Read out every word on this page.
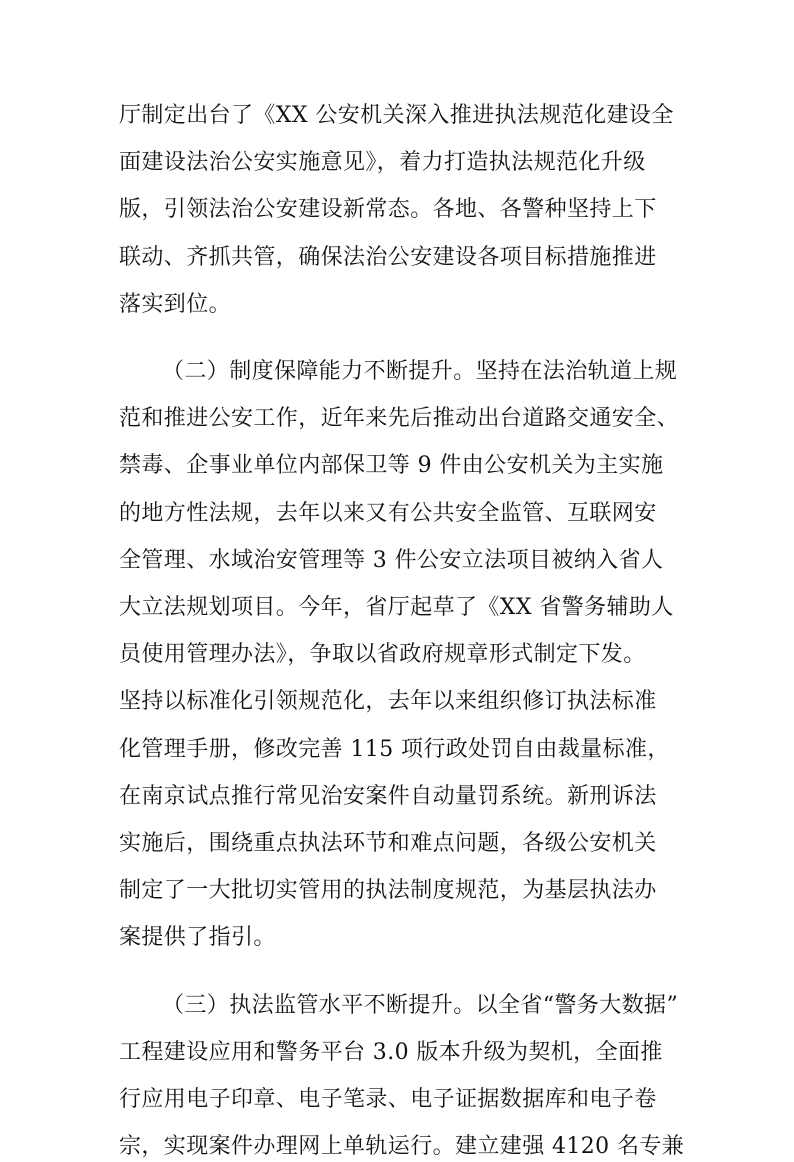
厅制定出台了《XX 公安机关深入推进执法规范化建设全
面建设法治公安实施意见》，着力打造执法规范化升级
版，引领法治公安建设新常态。各地、各警种坚持上下
联动、齐抓共管，确保法治公安建设各项目标措施推进
落实到位。
（二）制度保障能力不断提升。坚持在法治轨道上规
范和推进公安工作，近年来先后推动出台道路交通安全、
禁毒、企事业单位内部保卫等 9 件由公安机关为主实施
的地方性法规，去年以来又有公共安全监管、互联网安
全管理、水域治安管理等 3 件公安立法项目被纳入省人
大立法规划项目。今年，省厅起草了《XX 省警务辅助人
员使用管理办法》，争取以省政府规章形式制定下发。
坚持以标准化引领规范化，去年以来组织修订执法标准
化管理手册，修改完善 115 项行政处罚自由裁量标准，
在南京试点推行常见治安案件自动量罚系统。新刑诉法
实施后，围绕重点执法环节和难点问题，各级公安机关
制定了一大批切实管用的执法制度规范，为基层执法办
案提供了指引。
（三）执法监管水平不断提升。以全省“警务大数据”
工程建设应用和警务平台 3.0 版本升级为契机，全面推
行应用电子印章、电子笔录、电子证据数据库和电子卷
宗，实现案件办理网上单轨运行。建立建强 4120 名专兼
